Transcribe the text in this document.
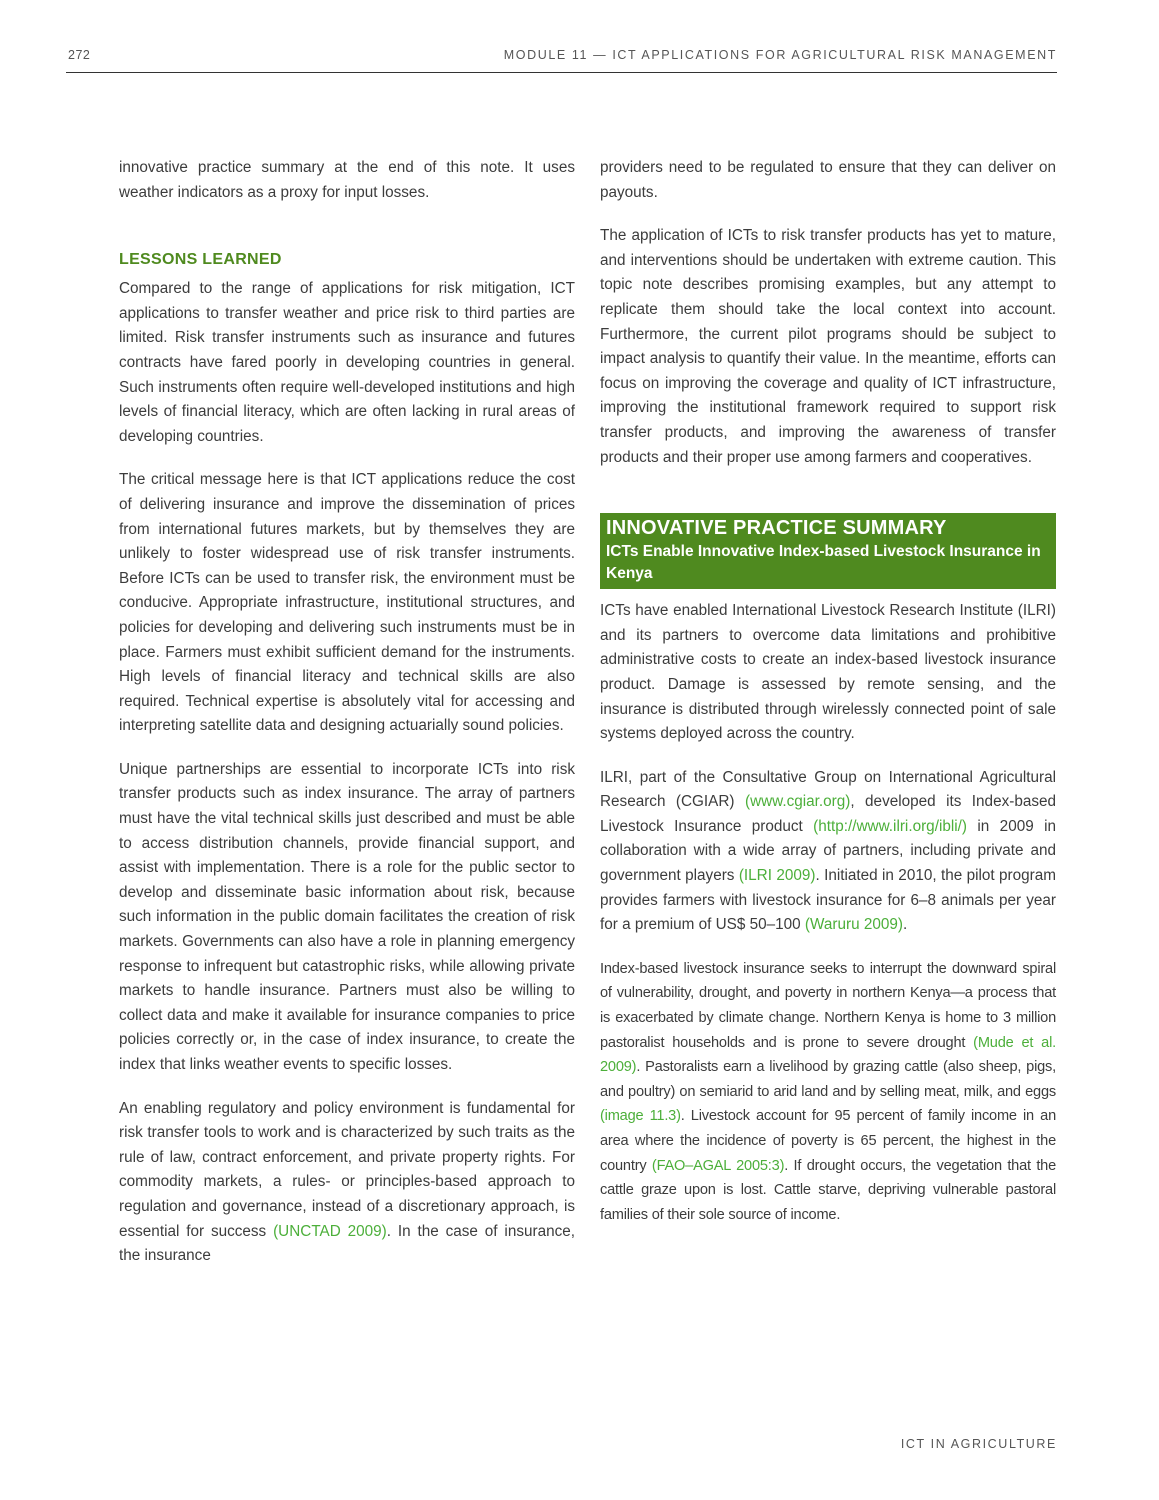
272	MODULE 11 — ICT APPLICATIONS FOR AGRICULTURAL RISK MANAGEMENT

innovative practice summary at the end of this note. It uses weather indicators as a proxy for input losses.

LESSONS LEARNED

Compared to the range of applications for risk mitigation, ICT applications to transfer weather and price risk to third parties are limited. Risk transfer instruments such as insurance and futures contracts have fared poorly in developing countries in general. Such instruments often require well-developed institutions and high levels of financial literacy, which are often lacking in rural areas of developing countries.

The critical message here is that ICT applications reduce the cost of delivering insurance and improve the dissemination of prices from international futures markets, but by themselves they are unlikely to foster widespread use of risk transfer instruments. Before ICTs can be used to transfer risk, the environment must be conducive. Appropriate infrastructure, institutional structures, and policies for developing and delivering such instruments must be in place. Farmers must exhibit sufficient demand for the instruments. High levels of financial literacy and technical skills are also required. Technical expertise is absolutely vital for accessing and interpreting satellite data and designing actuarially sound policies.

Unique partnerships are essential to incorporate ICTs into risk transfer products such as index insurance. The array of partners must have the vital technical skills just described and must be able to access distribution channels, provide financial support, and assist with implementation. There is a role for the public sector to develop and disseminate basic information about risk, because such information in the public domain facilitates the creation of risk markets. Governments can also have a role in planning emergency response to infrequent but catastrophic risks, while allowing private markets to handle insurance. Partners must also be willing to collect data and make it available for insurance companies to price policies correctly or, in the case of index insurance, to create the index that links weather events to specific losses.

An enabling regulatory and policy environment is fundamental for risk transfer tools to work and is characterized by such traits as the rule of law, contract enforcement, and private property rights. For commodity markets, a rules- or principles-based approach to regulation and governance, instead of a discretionary approach, is essential for success (UNCTAD 2009). In the case of insurance, the insurance

providers need to be regulated to ensure that they can deliver on payouts.

The application of ICTs to risk transfer products has yet to mature, and interventions should be undertaken with extreme caution. This topic note describes promising examples, but any attempt to replicate them should take the local context into account. Furthermore, the current pilot programs should be subject to impact analysis to quantify their value. In the meantime, efforts can focus on improving the coverage and quality of ICT infrastructure, improving the institutional framework required to support risk transfer products, and improving the awareness of transfer products and their proper use among farmers and cooperatives.

INNOVATIVE PRACTICE SUMMARY
ICTs Enable Innovative Index-based Livestock Insurance in Kenya

ICTs have enabled International Livestock Research Institute (ILRI) and its partners to overcome data limitations and prohibitive administrative costs to create an index-based livestock insurance product. Damage is assessed by remote sensing, and the insurance is distributed through wirelessly connected point of sale systems deployed across the country.

ILRI, part of the Consultative Group on International Agricultural Research (CGIAR) (www.cgiar.org), developed its Index-based Livestock Insurance product (http://www.ilri.org/ibli/) in 2009 in collaboration with a wide array of partners, including private and government players (ILRI 2009). Initiated in 2010, the pilot program provides farmers with livestock insurance for 6–8 animals per year for a premium of US$ 50–100 (Waruru 2009).

Index-based livestock insurance seeks to interrupt the downward spiral of vulnerability, drought, and poverty in northern Kenya—a process that is exacerbated by climate change. Northern Kenya is home to 3 million pastoralist households and is prone to severe drought (Mude et al. 2009). Pastoralists earn a livelihood by grazing cattle (also sheep, pigs, and poultry) on semiarid to arid land and by selling meat, milk, and eggs (image 11.3). Livestock account for 95 percent of family income in an area where the incidence of poverty is 65 percent, the highest in the country (FAO–AGAL 2005:3). If drought occurs, the vegetation that the cattle graze upon is lost. Cattle starve, depriving vulnerable pastoral families of their sole source of income.

ICT IN AGRICULTURE
